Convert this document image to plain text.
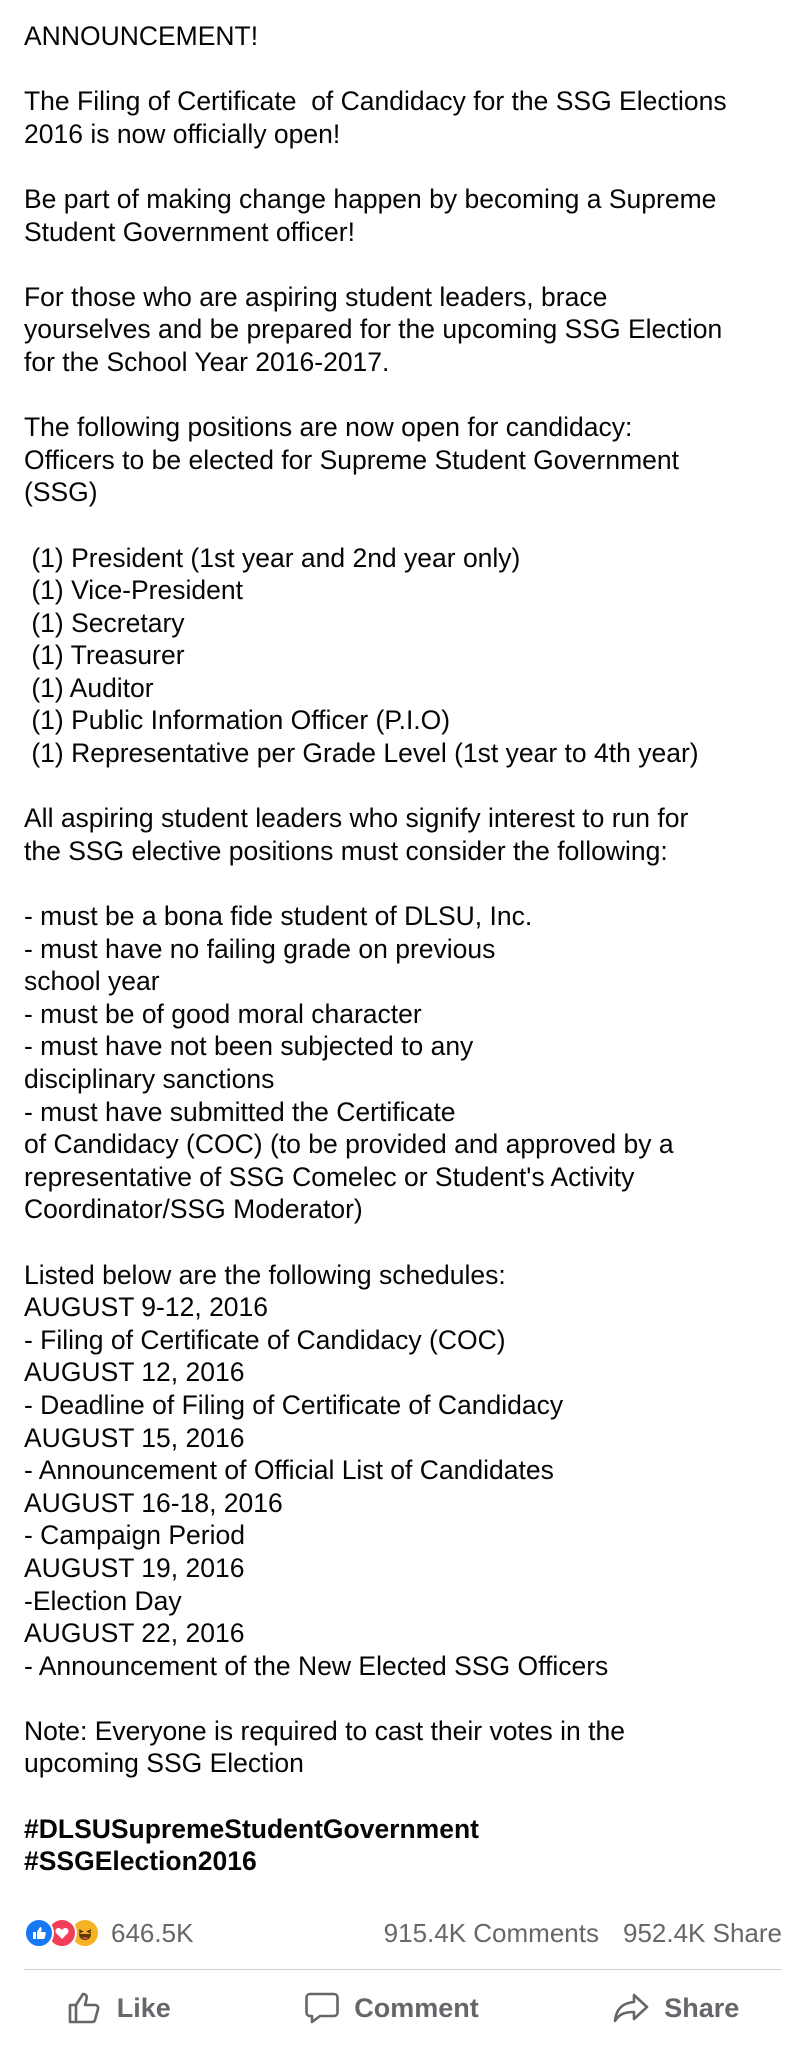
ANNOUNCEMENT!
The Filing of Certificate  of Candidacy for the SSG Elections
2016 is now officially open!
Be part of making change happen by becoming a Supreme
Student Government officer!
For those who are aspiring student leaders, brace
yourselves and be prepared for the upcoming SSG Election
for the School Year 2016-2017.
The following positions are now open for candidacy:
Officers to be elected for Supreme Student Government
(SSG)
(1) President (1st year and 2nd year only)
(1) Vice-President
(1) Secretary
(1) Treasurer
(1) Auditor
(1) Public Information Officer (P.I.O)
(1) Representative per Grade Level (1st year to 4th year)
All aspiring student leaders who signify interest to run for
the SSG elective positions must consider the following:
- must be a bona fide student of DLSU, Inc.
- must have no failing grade on previous
school year
- must be of good moral character
- must have not been subjected to any
disciplinary sanctions
- must have submitted the Certificate
of Candidacy (COC) (to be provided and approved by a
representative of SSG Comelec or Student's Activity
Coordinator/SSG Moderator)
Listed below are the following schedules:
AUGUST 9-12, 2016
- Filing of Certificate of Candidacy (COC)
AUGUST 12, 2016
- Deadline of Filing of Certificate of Candidacy
AUGUST 15, 2016
- Announcement of Official List of Candidates
AUGUST 16-18, 2016
- Campaign Period
AUGUST 19, 2016
-Election Day
AUGUST 22, 2016
- Announcement of the New Elected SSG Officers
Note: Everyone is required to cast their votes in the
upcoming SSG Election
#DLSUSupremeStudentGovernment
#SSGElection2016
646.5K	915.4K Comments 952.4K Share
Like	Comment	Share
